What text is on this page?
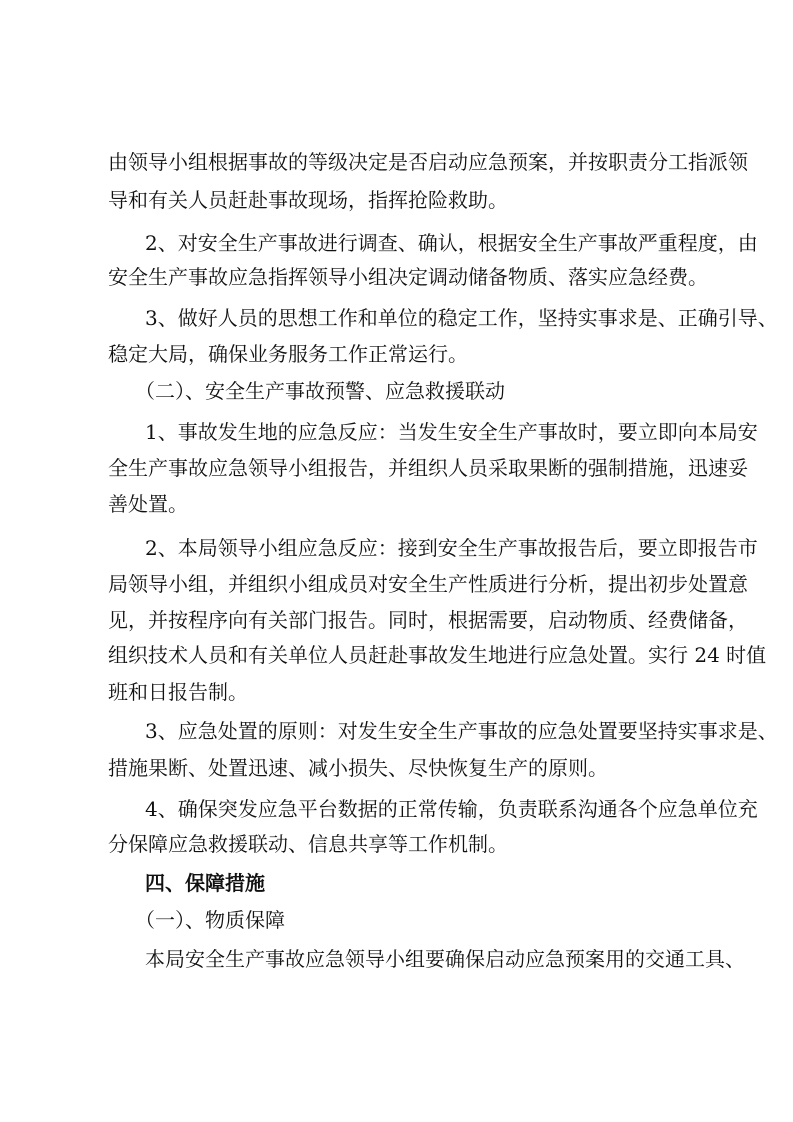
由领导小组根据事故的等级决定是否启动应急预案，并按职责分工指派领
导和有关人员赶赴事故现场，指挥抢险救助。
2、对安全生产事故进行调查、确认，根据安全生产事故严重程度，由
安全生产事故应急指挥领导小组决定调动储备物质、落实应急经费。
3、做好人员的思想工作和单位的稳定工作，坚持实事求是、正确引导、
稳定大局，确保业务服务工作正常运行。
（二）、安全生产事故预警、应急救援联动
1、事故发生地的应急反应：当发生安全生产事故时，要立即向本局安
全生产事故应急领导小组报告，并组织人员采取果断的强制措施，迅速妥
善处置。
2、本局领导小组应急反应：接到安全生产事故报告后，要立即报告市
局领导小组，并组织小组成员对安全生产性质进行分析，提出初步处置意
见，并按程序向有关部门报告。同时，根据需要，启动物质、经费储备，
组织技术人员和有关单位人员赶赴事故发生地进行应急处置。实行 24 时值
班和日报告制。
3、应急处置的原则：对发生安全生产事故的应急处置要坚持实事求是、
措施果断、处置迅速、减小损失、尽快恢复生产的原则。
4、确保突发应急平台数据的正常传输，负责联系沟通各个应急单位充
分保障应急救援联动、信息共享等工作机制。
四、保障措施
（一）、物质保障
本局安全生产事故应急领导小组要确保启动应急预案用的交通工具、
